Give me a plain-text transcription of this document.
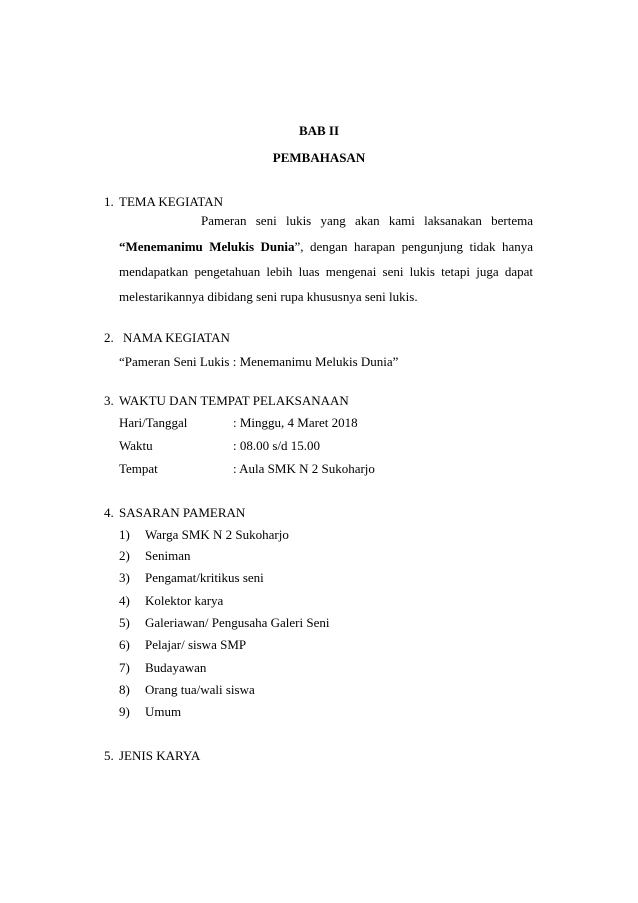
BAB II
PEMBAHASAN
1. TEMA KEGIATAN
Pameran seni lukis yang akan kami laksanakan bertema
“Menemanimu Melukis Dunia”, dengan harapan pengunjung tidak hanya
mendapatkan pengetahuan lebih luas mengenai seni lukis tetapi juga dapat
melestarikannya dibidang seni rupa khususnya seni lukis.
2. NAMA KEGIATAN
“Pameran Seni Lukis : Menemanimu Melukis Dunia”
3. WAKTU DAN TEMPAT PELAKSANAAN
Hari/Tanggal	: Minggu, 4 Maret 2018
Waktu	: 08.00 s/d 15.00
Tempat	: Aula SMK N 2 Sukoharjo
4. SASARAN PAMERAN
1) Warga SMK N 2 Sukoharjo
2) Seniman
3) Pengamat/kritikus seni
4) Kolektor karya
5) Galeriawan/ Pengusaha Galeri Seni
6) Pelajar/ siswa SMP
7) Budayawan
8) Orang tua/wali siswa
9) Umum
5. JENIS KARYA
